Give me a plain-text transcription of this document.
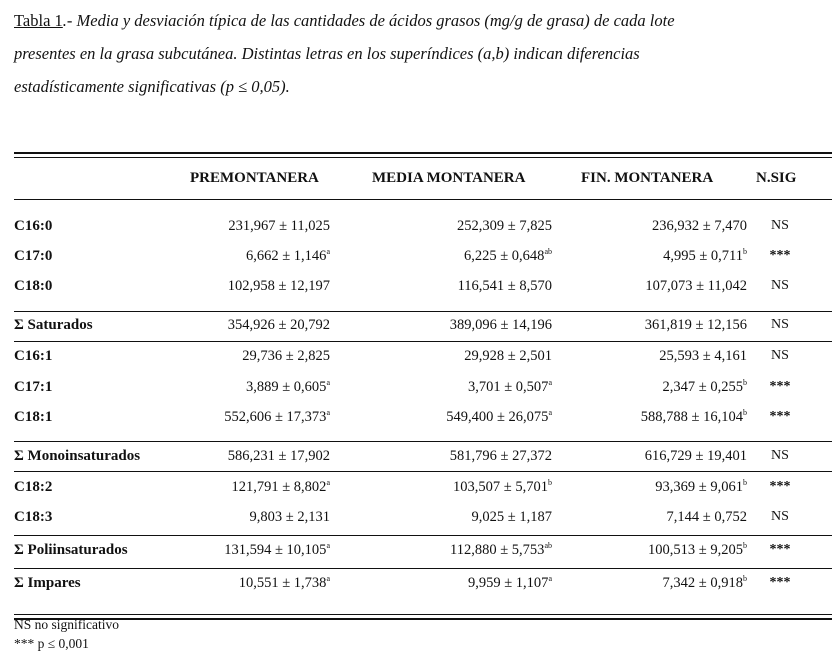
Tabla 1.- Media y desviación típica de las cantidades de ácidos grasos (mg/g de grasa) de cada lote
presentes en la grasa subcutánea. Distintas letras en los superíndices (a,b) indican diferencias
estadísticamente significativas (p ≤ 0,05).
PREMONTANERA	MEDIA MONTANERA	FIN. MONTANERA	N.SIG
C16:0	231,967 ± 11,025	252,309 ± 7,825	236,932 ± 7,470	NS
C17:0	6,662 ± 1,146$^a$	6,225 ± 0,648$^{ab}$	4,995 ± 0,711$^b$	***
C18:0	102,958 ± 12,197	116,541 ± 8,570	107,073 ± 11,042	NS
Σ Saturados	354,926 ± 20,792	389,096 ± 14,196	361,819 ± 12,156	NS
C16:1	29,736 ± 2,825	29,928 ± 2,501	25,593 ± 4,161	NS
C17:1	3,889 ± 0,605$^a$	3,701 ± 0,507$^a$	2,347 ± 0,255$^b$	***
C18:1	552,606 ± 17,373$^a$	549,400 ± 26,075$^a$	588,788 ± 16,104$^b$	***
Σ Monoinsaturados	586,231 ± 17,902	581,796 ± 27,372	616,729 ± 19,401	NS
C18:2	121,791 ± 8,802$^a$	103,507 ± 5,701$^b$	93,369 ± 9,061$^b$	***
C18:3	9,803 ± 2,131	9,025 ± 1,187	7,144 ± 0,752	NS
Σ Poliinsaturados	131,594 ± 10,105$^a$	112,880 ± 5,753$^{ab}$	100,513 ± 9,205$^b$	***
Σ Impares	10,551 ± 1,738$^a$	9,959 ± 1,107$^a$	7,342 ± 0,918$^b$	***
NS no significativo
*** p ≤ 0,001
